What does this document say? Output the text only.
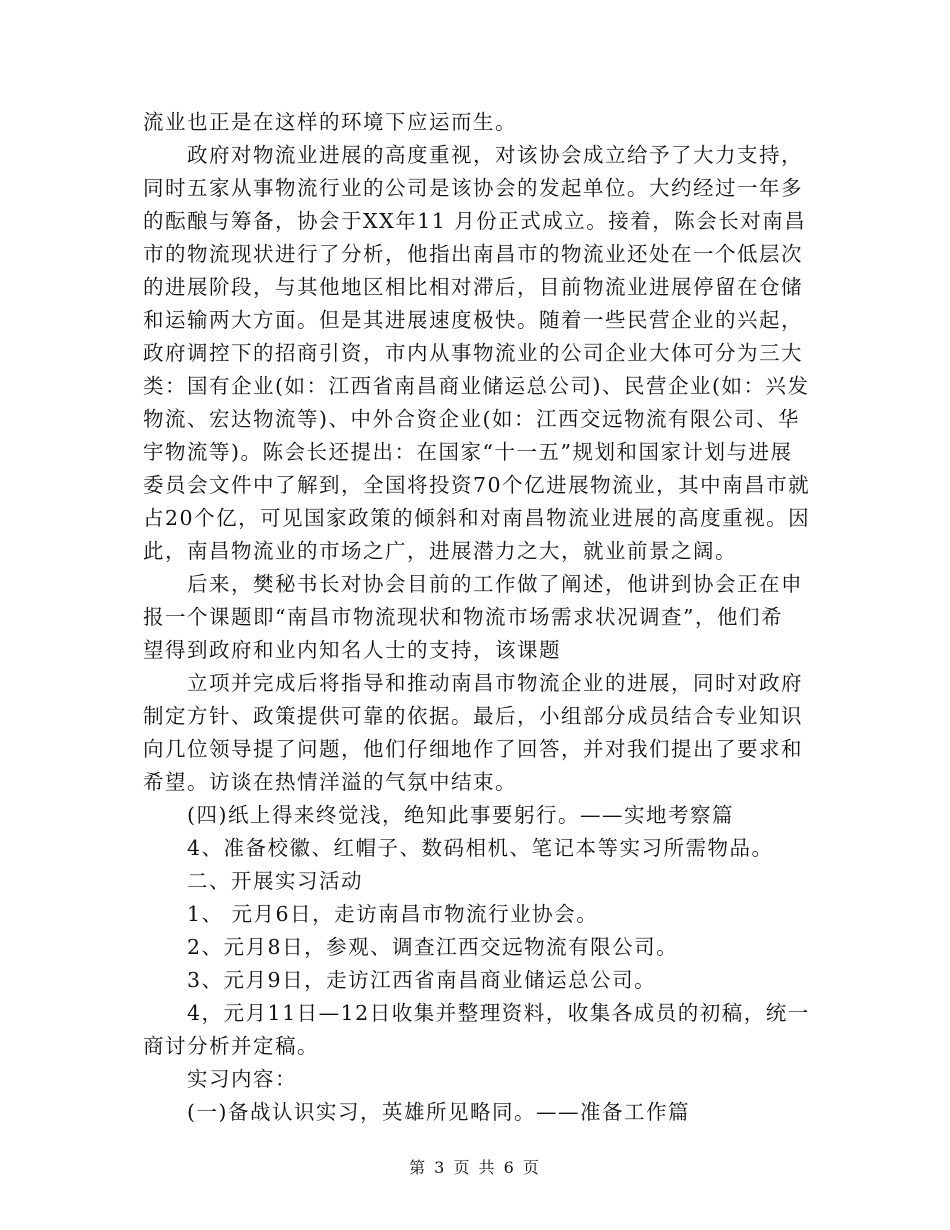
流业也正是在这样的环境下应运而生。
政府对物流业进展的高度重视，对该协会成立给予了大力支持，
同时五家从事物流行业的公司是该协会的发起单位。大约经过一年多
的酝酿与筹备，协会于XX年11 月份正式成立。接着，陈会长对南昌
市的物流现状进行了分析，他指出南昌市的物流业还处在一个低层次
的进展阶段，与其他地区相比相对滞后，目前物流业进展停留在仓储
和运输两大方面。但是其进展速度极快。随着一些民营企业的兴起，
政府调控下的招商引资，市内从事物流业的公司企业大体可分为三大
类：国有企业(如：江西省南昌商业储运总公司)、民营企业(如：兴发
物流、宏达物流等)、中外合资企业(如：江西交远物流有限公司、华
宇物流等)。陈会长还提出：在国家“十一五”规划和国家计划与进展
委员会文件中了解到，全国将投资70个亿进展物流业，其中南昌市就
占20个亿，可见国家政策的倾斜和对南昌物流业进展的高度重视。因
此，南昌物流业的市场之广，进展潜力之大，就业前景之阔。
后来，樊秘书长对协会目前的工作做了阐述，他讲到协会正在申
报一个课题即“南昌市物流现状和物流市场需求状况调查”，他们希
望得到政府和业内知名人士的支持，该课题
立项并完成后将指导和推动南昌市物流企业的进展，同时对政府
制定方针、政策提供可靠的依据。最后，小组部分成员结合专业知识
向几位领导提了问题，他们仔细地作了回答，并对我们提出了要求和
希望。访谈在热情洋溢的气氛中结束。
(四)纸上得来终觉浅，绝知此事要躬行。——实地考察篇
4、准备校徽、红帽子、数码相机、笔记本等实习所需物品。
二、开展实习活动
1、 元月6日，走访南昌市物流行业协会。
2、元月8日，参观、调查江西交远物流有限公司。
3、元月9日，走访江西省南昌商业储运总公司。
4，元月11日—12日收集并整理资料，收集各成员的初稿，统一
商讨分析并定稿。
实习内容：
(一)备战认识实习，英雄所见略同。——准备工作篇
第 3 页 共 6 页
